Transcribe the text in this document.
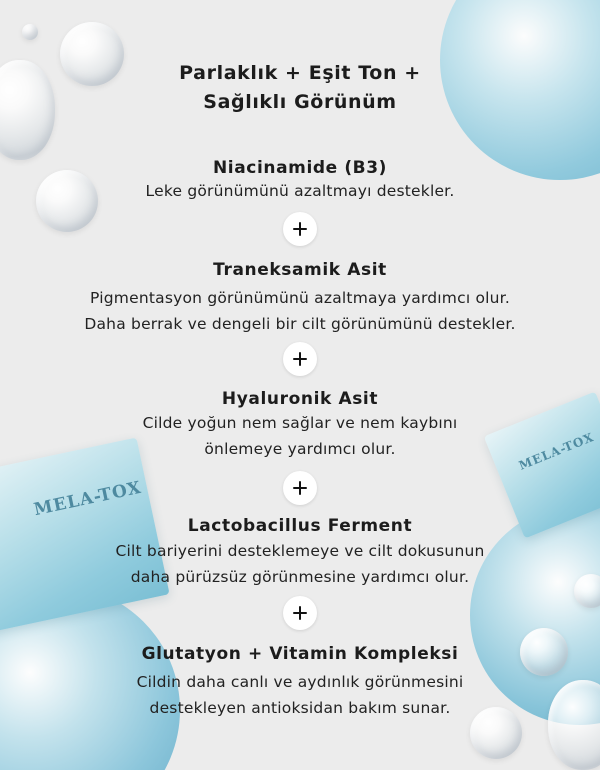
MELA-TOX
MELA-TOX
Parlaklık + Eşit Ton +
Sağlıklı Görünüm
Niacinamide (B3)
Leke görünümünü azaltmayı destekler.
Traneksamik Asit
Pigmentasyon görünümünü azaltmaya yardımcı olur.
Daha berrak ve dengeli bir cilt görünümünü destekler.
Hyaluronik Asit
Cilde yoğun nem sağlar ve nem kaybını
önlemeye yardımcı olur.
Lactobacillus Ferment
Cilt bariyerini desteklemeye ve cilt dokusunun
daha pürüzsüz görünmesine yardımcı olur.
Glutatyon + Vitamin Kompleksi
Cildin daha canlı ve aydınlık görünmesini
destekleyen antioksidan bakım sunar.
